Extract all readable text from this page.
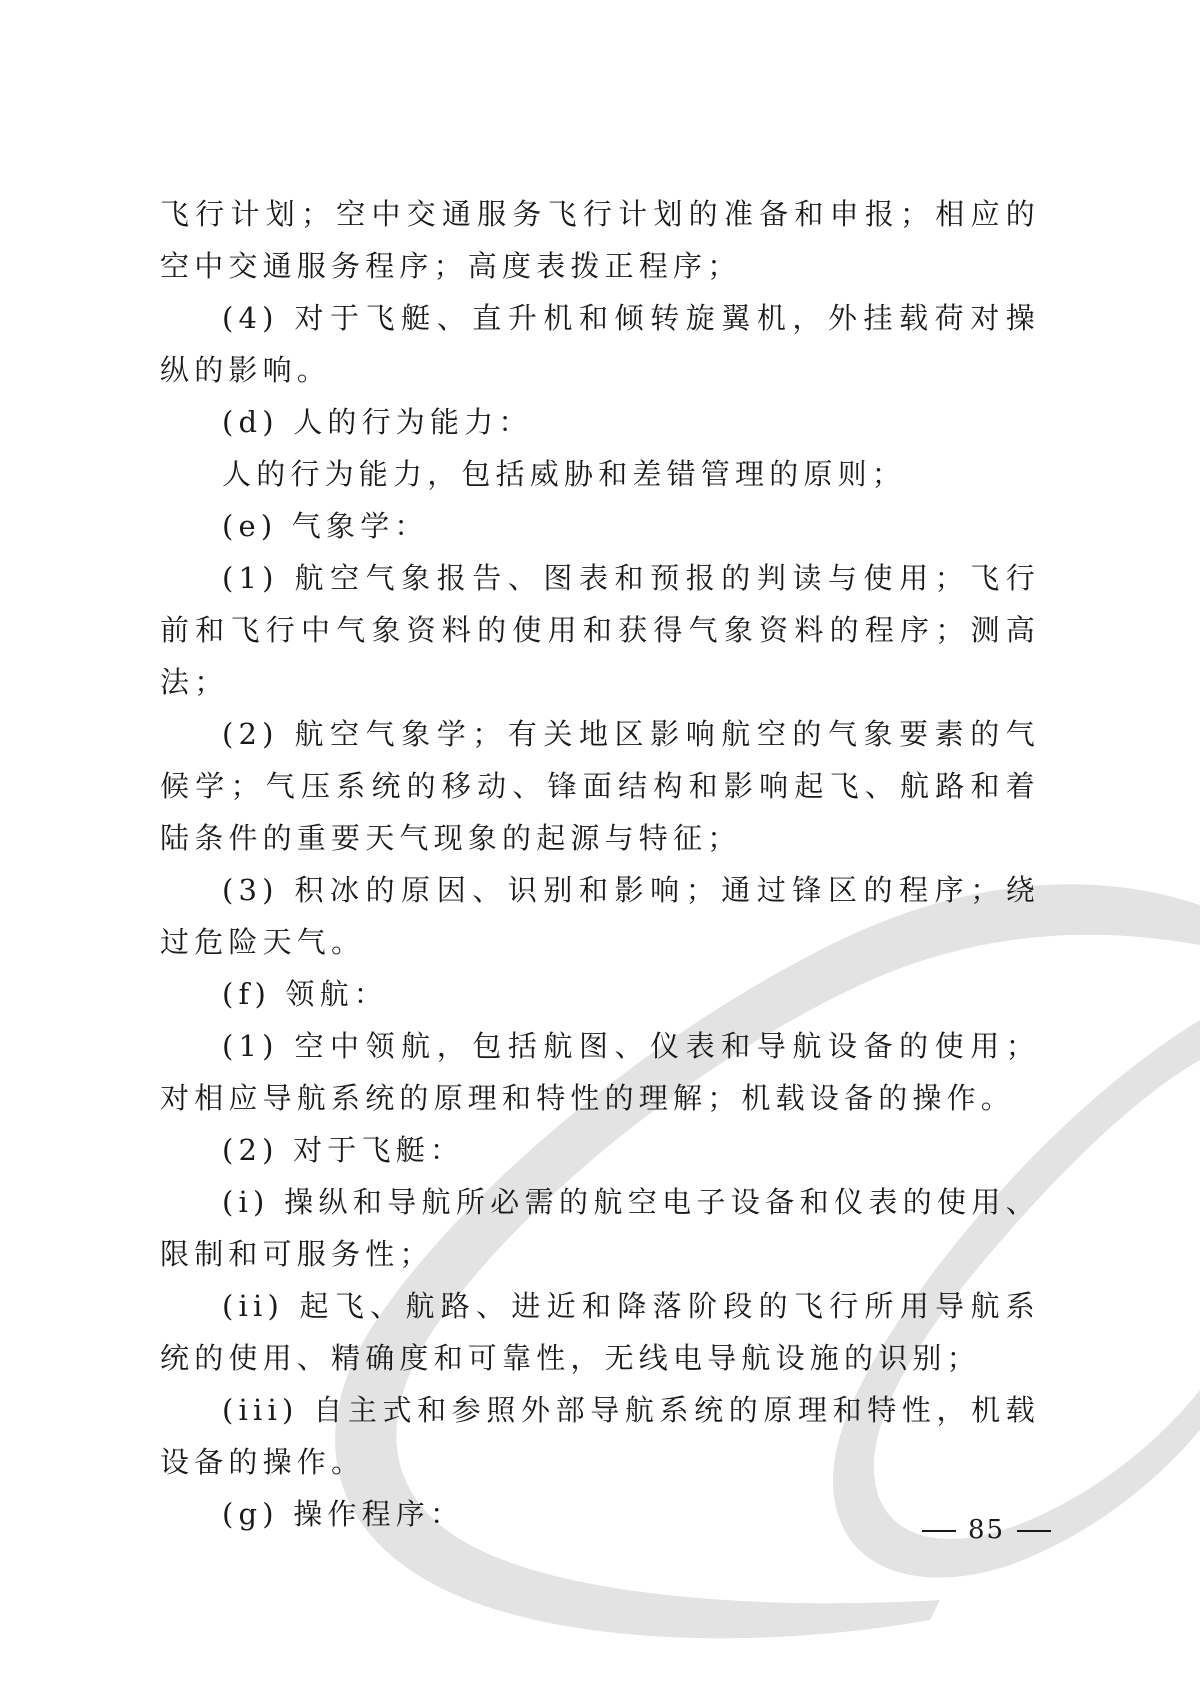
飞行计划；空中交通服务飞行计划的准备和申报；相应的空中交通服务程序；高度表拨正程序；

(4) 对于飞艇、直升机和倾转旋翼机，外挂载荷对操纵的影响。

(d) 人的行为能力：

人的行为能力，包括威胁和差错管理的原则；

(e) 气象学：

(1) 航空气象报告、图表和预报的判读与使用；飞行前和飞行中气象资料的使用和获得气象资料的程序；测高法；

(2) 航空气象学；有关地区影响航空的气象要素的气候学；气压系统的移动、锋面结构和影响起飞、航路和着陆条件的重要天气现象的起源与特征；

(3) 积冰的原因、识别和影响；通过锋区的程序；绕过危险天气。

(f) 领航：

(1) 空中领航，包括航图、仪表和导航设备的使用；对相应导航系统的原理和特性的理解；机载设备的操作。

(2) 对于飞艇：

(i) 操纵和导航所必需的航空电子设备和仪表的使用、限制和可服务性；

(ii) 起飞、航路、进近和降落阶段的飞行所用导航系统的使用、精确度和可靠性，无线电导航设施的识别；

(iii) 自主式和参照外部导航系统的原理和特性，机载设备的操作。

(g) 操作程序：	85
